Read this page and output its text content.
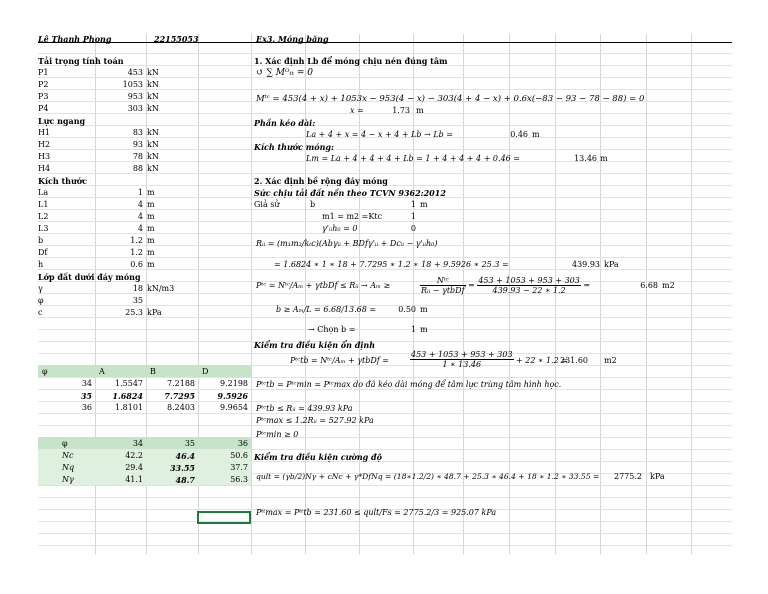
Lê Thanh Phong	22155053	Ex3. Móng băng
Tải trọng tính toán
P1	453 kN
P2	1053 kN
P3	953 kN
P4	303 kN
Lực ngang
H1	83 kN
H2	93 kN
H3	78 kN
H4	88 kN
Kích thước
La	1 m
L1	4 m
L2	4 m
L3	4 m
b	1.2 m
Df	1.2 m
h	0.6 m
Lớp đất dưới đáy móng
γ	18 kN/m3
φ	35
c	25.3 kPa
φ	A	B	D
34	1.5547	7.2188	9.2198
35	1.6824	7.7295	9.5926
36	1.8101	8.2403	9.9654
φ	34	35	36
Nc	42.2	46.4	50.6
Nq	29.4	33.55	37.7
Nγ	41.1	48.7	56.3
1. Xác định Lb để móng chịu nén đúng tâm
↺ ∑ Mᴼₜₜ = 0
Mᵗᶜ = 453(4 + x) + 1053x − 953(4 − x) − 303(4 + 4 − x) + 0.6x(−83 − 93 − 78 − 88) = 0
x =	1.73 m
Phần kéo dài:
La + 4 + x = 4 − x + 4 + Lb → Lb =	0.46 m
Kích thước móng:
Lm = La + 4 + 4 + 4 + Lb = 1 + 4 + 4 + 4 + 0.46 =	13.46 m
2. Xác định bề rộng đáy móng
Sức chịu tải đất nền theo TCVN 9362:2012
Giả sử	b	1 m
m1 = m2 =Ktc	1
γ'ᵢᵢh₀ = 0	0
Rᵢᵢ = (m₁m₂/kₜc)(Abγᵢᵢ + BDfγ'ᵢᵢ + Dcᵢᵢ − γ'ᵢᵢh₀)
= 1.6824 ∗ 1 ∗ 18 + 7.7295 ∗ 1.2 ∗ 18 + 9.5926 ∗ 25.3 =	439.93 kPa
Pᵗᶜ = Nᵗᶜ/Aₘ + γtbDf ≤ Rᵢᵢ → Aₘ ≥	$\frac{\text{Nᵗᶜ}}{\text{Rᵢᵢ − γtbDf}} = \frac{453 + 1053 + 953 + 303}{439.93 - 22 ∗ 1.2}$ =	6.68 m2
b ≥ Aₘ/L = 6.68/13.68 =	0.50 m
→ Chọn b =	1 m
Kiểm tra điều kiện ổn định
Pᵗᶜtb = Nᵗᶜ/Aₘ + γtbDf =	$\frac{453 + 1053 + 953 + 303}{1 ∗ 13.46} + 22$ ∗ 1.2 =
231.60 m2
Pᵗᶜtb = Pᵗᶜmin = Pᵗᶜmax do đã kéo dài móng để tâm lực trùng tâm hình học.
Pᵗᶜtb ≤ Rᵢᵢ = 439.93 kPa
Pᵗᶜmax ≤ 1.2Rᵢᵢ = 527.92 kPa
Pᵗᶜmin ≥ 0
Kiểm tra điều kiện cường độ
qult = (γb/2)Nγ + cNc + γ*DfNq = (18∗1.2/2) ∗ 48.7 + 25.3 ∗ 46.4 + 18 ∗ 1.2 ∗ 33.55 =	2775.2 kPa
Pᵗᵗmax = Pᵗᵗtb = 231.60 ≤ qult/Fs = 2775.2/3 = 925.07 kPa
